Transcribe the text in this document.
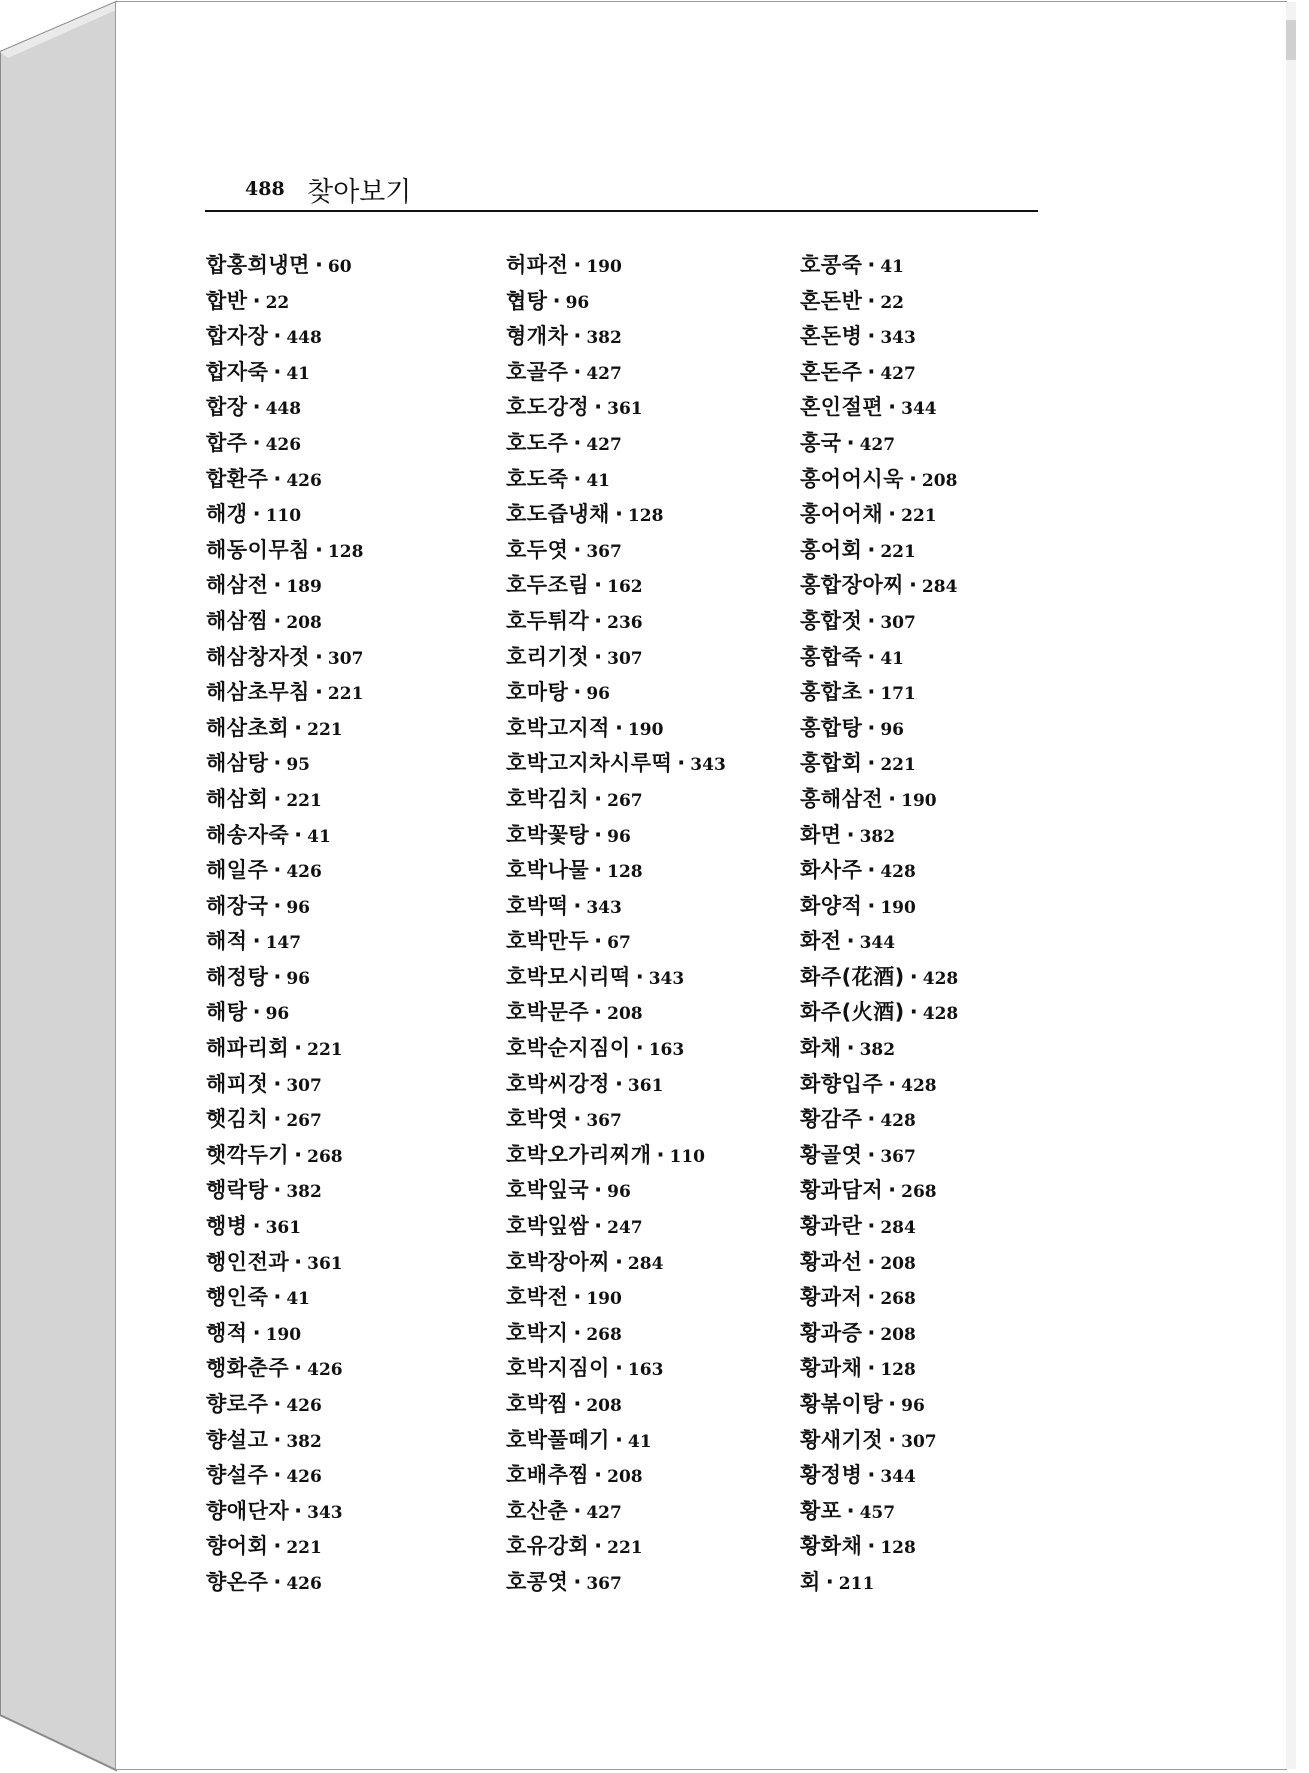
488 찾아보기
합홍희냉면 · 60
합반 · 22
합자장 · 448
합자죽 · 41
합장 · 448
합주 · 426
합환주 · 426
해갱 · 110
해동이무침 · 128
해삼전 · 189
해삼찜 · 208
해삼창자젓 · 307
해삼초무침 · 221
해삼초회 · 221
해삼탕 · 95
해삼회 · 221
해송자죽 · 41
해일주 · 426
해장국 · 96
해적 · 147
해정탕 · 96
해탕 · 96
해파리회 · 221
해피젓 · 307
햇김치 · 267
햇깍두기 · 268
행락탕 · 382
행병 · 361
행인전과 · 361
행인죽 · 41
행적 · 190
행화춘주 · 426
향로주 · 426
향설고 · 382
향설주 · 426
향애단자 · 343
향어회 · 221
향온주 · 426
허파전 · 190
협탕 · 96
형개차 · 382
호골주 · 427
호도강정 · 361
호도주 · 427
호도죽 · 41
호도즙냉채 · 128
호두엿 · 367
호두조림 · 162
호두튀각 · 236
호리기젓 · 307
호마탕 · 96
호박고지적 · 190
호박고지차시루떡 · 343
호박김치 · 267
호박꽃탕 · 96
호박나물 · 128
호박떡 · 343
호박만두 · 67
호박모시리떡 · 343
호박문주 · 208
호박순지짐이 · 163
호박씨강정 · 361
호박엿 · 367
호박오가리찌개 · 110
호박잎국 · 96
호박잎쌈 · 247
호박장아찌 · 284
호박전 · 190
호박지 · 268
호박지짐이 · 163
호박찜 · 208
호박풀떼기 · 41
호배추찜 · 208
호산춘 · 427
호유강회 · 221
호콩엿 · 367
호콩죽 · 41
혼돈반 · 22
혼돈병 · 343
혼돈주 · 427
혼인절편 · 344
홍국 · 427
홍어어시욱 · 208
홍어어채 · 221
홍어회 · 221
홍합장아찌 · 284
홍합젓 · 307
홍합죽 · 41
홍합초 · 171
홍합탕 · 96
홍합회 · 221
홍해삼전 · 190
화면 · 382
화사주 · 428
화양적 · 190
화전 · 344
화주(花酒) · 428
화주(火酒) · 428
화채 · 382
화향입주 · 428
황감주 · 428
황골엿 · 367
황과담저 · 268
황과란 · 284
황과선 · 208
황과저 · 268
황과증 · 208
황과채 · 128
황볶이탕 · 96
황새기젓 · 307
황정병 · 344
황포 · 457
황화채 · 128
회 · 211
